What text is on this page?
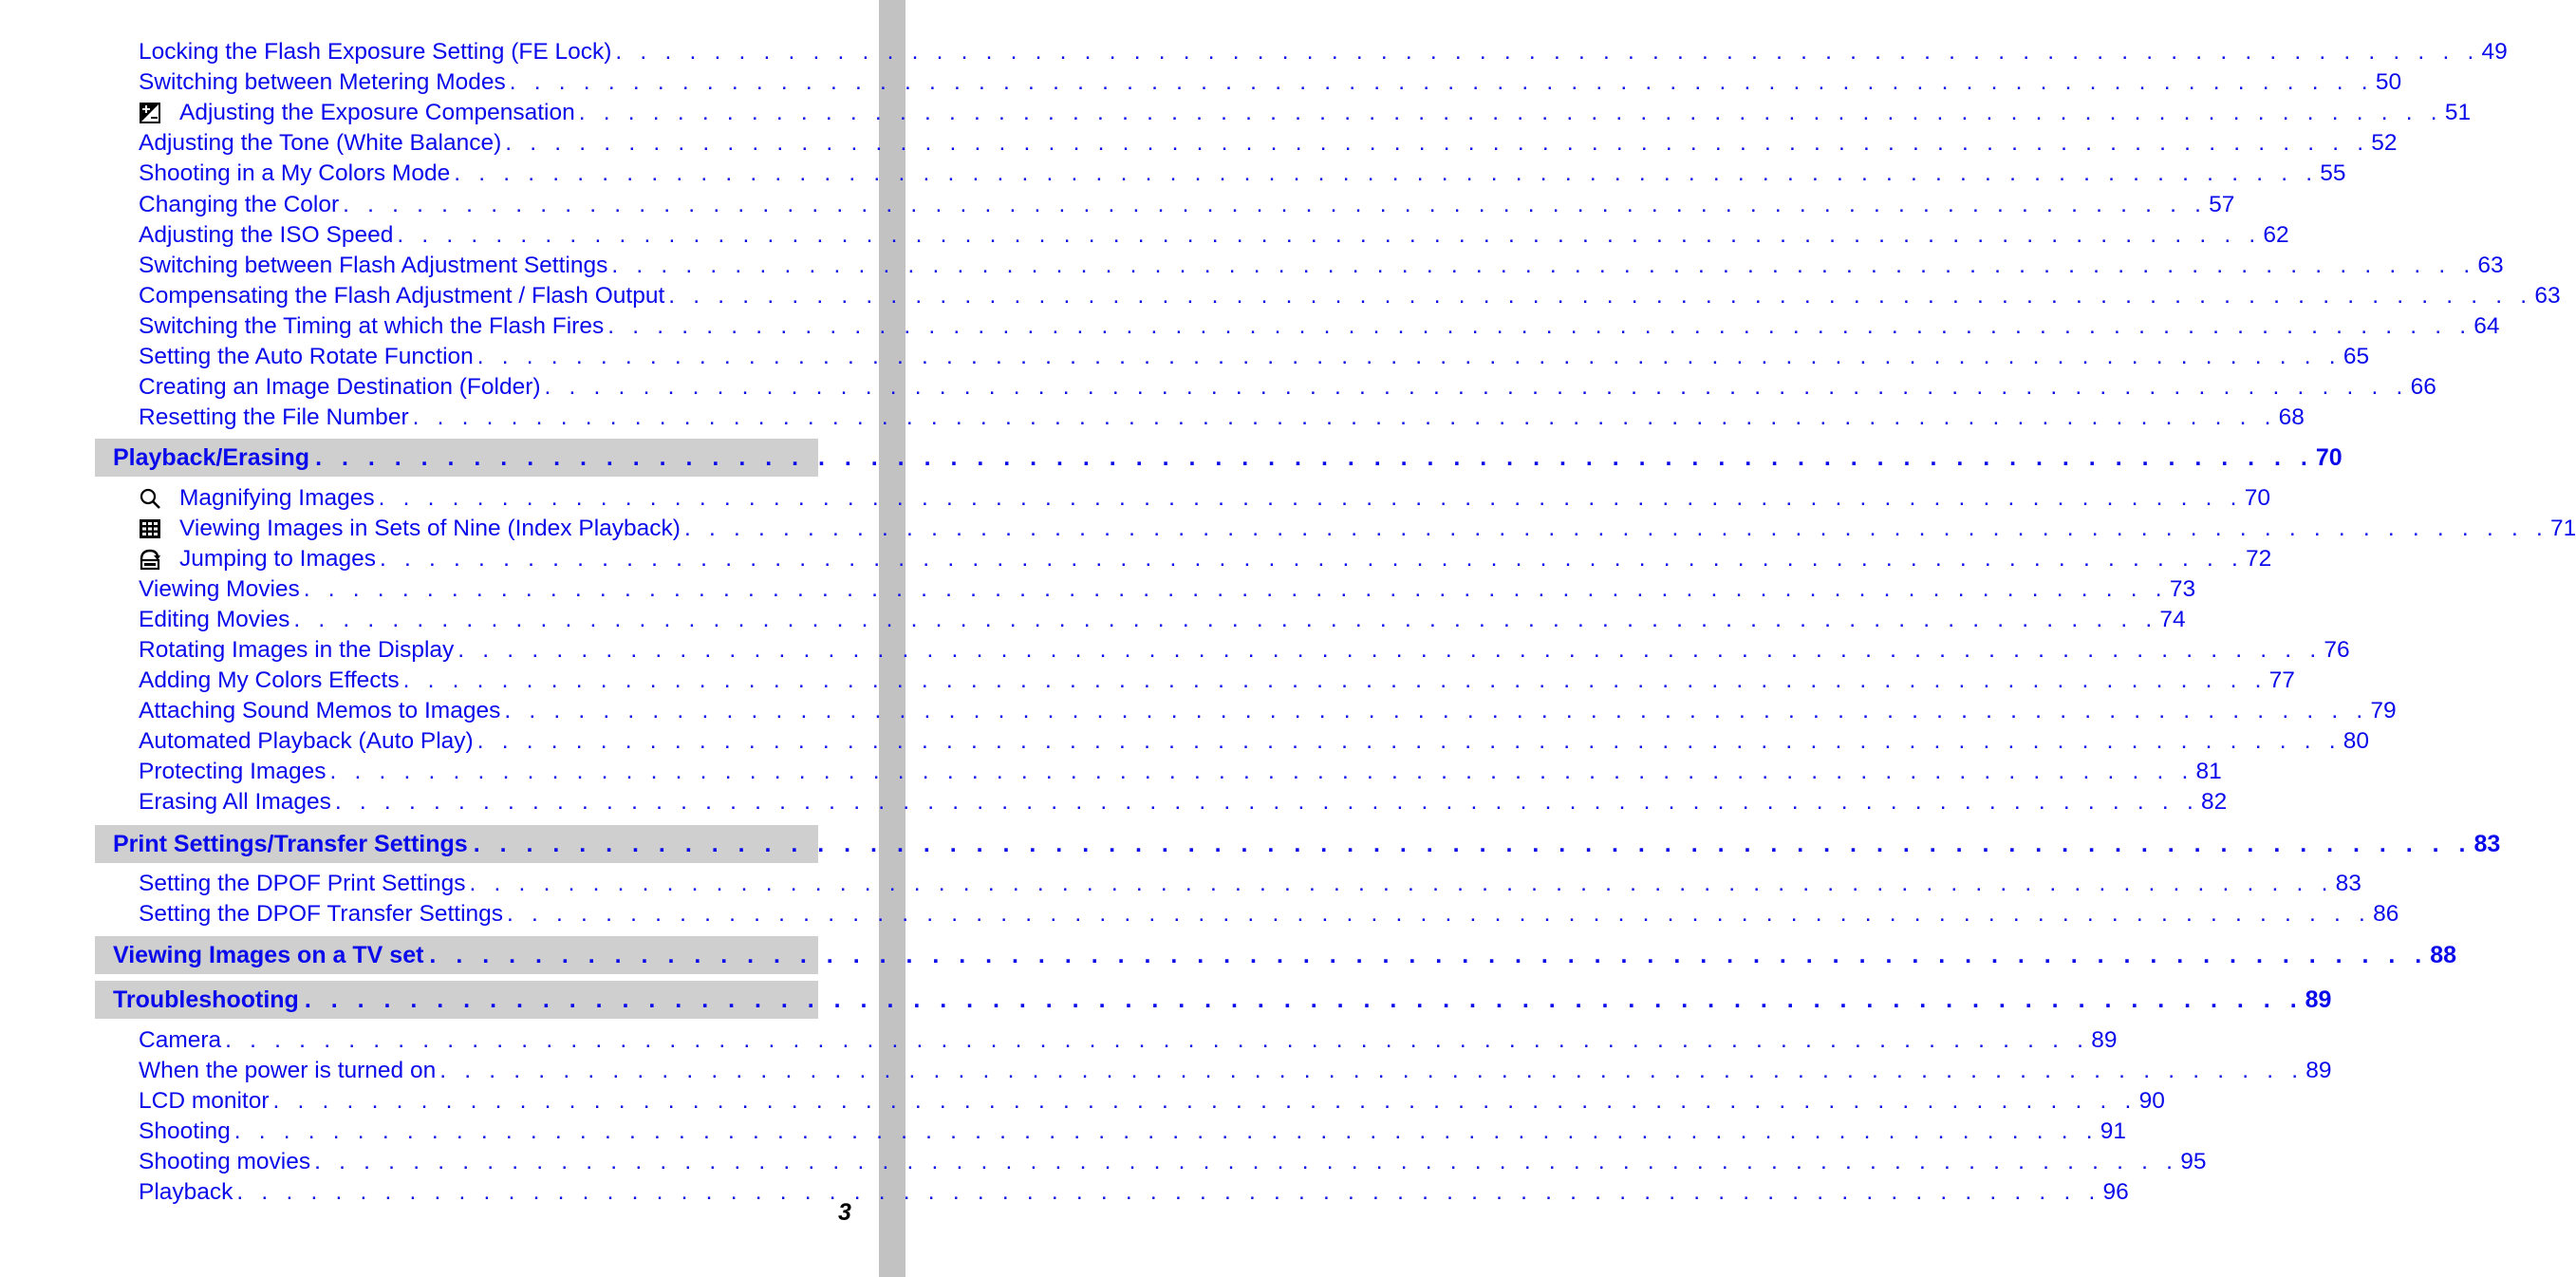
Locking the Flash Exposure Setting (FE Lock) . . . . . . . . . . . . . . . . . . . . . . . . . . . . . . . . . . . . . . . . . . . . . . . . . . . . . . . . . . . . . . . . . . . . . . . . . . . . 49
Switching between Metering Modes . . . . . . . . . . . . . . . . . . . . . . . . . . . . . . . . . . . . . . . . . . . . . . . . . . . . . . . . . . . . . . . . . . . . . . . . . . . . 50
Adjusting the Exposure Compensation . . . . . . . . . . . . . . . . . . . . . . . . . . . . . . . . . . . . . . . . . . . . . . . . . . . . . . . . . . . . . . . . . . . . . . . . . . . . 51
Adjusting the Tone (White Balance) . . . . . . . . . . . . . . . . . . . . . . . . . . . . . . . . . . . . . . . . . . . . . . . . . . . . . . . . . . . . . . . . . . . . . . . . . . . . 52
Shooting in a My Colors Mode . . . . . . . . . . . . . . . . . . . . . . . . . . . . . . . . . . . . . . . . . . . . . . . . . . . . . . . . . . . . . . . . . . . . . . . . . . . . 55
Changing the Color . . . . . . . . . . . . . . . . . . . . . . . . . . . . . . . . . . . . . . . . . . . . . . . . . . . . . . . . . . . . . . . . . . . . . . . . . . . . 57
Adjusting the ISO Speed . . . . . . . . . . . . . . . . . . . . . . . . . . . . . . . . . . . . . . . . . . . . . . . . . . . . . . . . . . . . . . . . . . . . . . . . . . . . 62
Switching between Flash Adjustment Settings . . . . . . . . . . . . . . . . . . . . . . . . . . . . . . . . . . . . . . . . . . . . . . . . . . . . . . . . . . . . . . . . . . . . . . . . . . . . 63
Compensating the Flash Adjustment / Flash Output . . . . . . . . . . . . . . . . . . . . . . . . . . . . . . . . . . . . . . . . . . . . . . . . . . . . . . . . . . . . . . . . . . . . . . . . . . . . 63
Switching the Timing at which the Flash Fires . . . . . . . . . . . . . . . . . . . . . . . . . . . . . . . . . . . . . . . . . . . . . . . . . . . . . . . . . . . . . . . . . . . . . . . . . . . . 64
Setting the Auto Rotate Function . . . . . . . . . . . . . . . . . . . . . . . . . . . . . . . . . . . . . . . . . . . . . . . . . . . . . . . . . . . . . . . . . . . . . . . . . . . . 65
Creating an Image Destination (Folder) . . . . . . . . . . . . . . . . . . . . . . . . . . . . . . . . . . . . . . . . . . . . . . . . . . . . . . . . . . . . . . . . . . . . . . . . . . . . 66
Resetting the File Number . . . . . . . . . . . . . . . . . . . . . . . . . . . . . . . . . . . . . . . . . . . . . . . . . . . . . . . . . . . . . . . . . . . . . . . . . . . . 68
Magnifying Images . . . . . . . . . . . . . . . . . . . . . . . . . . . . . . . . . . . . . . . . . . . . . . . . . . . . . . . . . . . . . . . . . . . . . . . . . . . . 70
Viewing Images in Sets of Nine (Index Playback) . . . . . . . . . . . . . . . . . . . . . . . . . . . . . . . . . . . . . . . . . . . . . . . . . . . . . . . . . . . . . . . . . . . . . . . . . . . . 71
Jumping to Images . . . . . . . . . . . . . . . . . . . . . . . . . . . . . . . . . . . . . . . . . . . . . . . . . . . . . . . . . . . . . . . . . . . . . . . . . . . . 72
Viewing Movies . . . . . . . . . . . . . . . . . . . . . . . . . . . . . . . . . . . . . . . . . . . . . . . . . . . . . . . . . . . . . . . . . . . . . . . . . . . . 73
Editing Movies . . . . . . . . . . . . . . . . . . . . . . . . . . . . . . . . . . . . . . . . . . . . . . . . . . . . . . . . . . . . . . . . . . . . . . . . . . . . 74
Rotating Images in the Display . . . . . . . . . . . . . . . . . . . . . . . . . . . . . . . . . . . . . . . . . . . . . . . . . . . . . . . . . . . . . . . . . . . . . . . . . . . . 76
Adding My Colors Effects . . . . . . . . . . . . . . . . . . . . . . . . . . . . . . . . . . . . . . . . . . . . . . . . . . . . . . . . . . . . . . . . . . . . . . . . . . . . 77
Attaching Sound Memos to Images . . . . . . . . . . . . . . . . . . . . . . . . . . . . . . . . . . . . . . . . . . . . . . . . . . . . . . . . . . . . . . . . . . . . . . . . . . . . 79
Automated Playback (Auto Play) . . . . . . . . . . . . . . . . . . . . . . . . . . . . . . . . . . . . . . . . . . . . . . . . . . . . . . . . . . . . . . . . . . . . . . . . . . . . 80
Protecting Images . . . . . . . . . . . . . . . . . . . . . . . . . . . . . . . . . . . . . . . . . . . . . . . . . . . . . . . . . . . . . . . . . . . . . . . . . . . . 81
Erasing All Images . . . . . . . . . . . . . . . . . . . . . . . . . . . . . . . . . . . . . . . . . . . . . . . . . . . . . . . . . . . . . . . . . . . . . . . . . . . . 82
Setting the DPOF Print Settings . . . . . . . . . . . . . . . . . . . . . . . . . . . . . . . . . . . . . . . . . . . . . . . . . . . . . . . . . . . . . . . . . . . . . . . . . . . . 83
Setting the DPOF Transfer Settings . . . . . . . . . . . . . . . . . . . . . . . . . . . . . . . . . . . . . . . . . . . . . . . . . . . . . . . . . . . . . . . . . . . . . . . . . . . . 86
Camera . . . . . . . . . . . . . . . . . . . . . . . . . . . . . . . . . . . . . . . . . . . . . . . . . . . . . . . . . . . . . . . . . . . . . . . . . . . . 89
When the power is turned on . . . . . . . . . . . . . . . . . . . . . . . . . . . . . . . . . . . . . . . . . . . . . . . . . . . . . . . . . . . . . . . . . . . . . . . . . . . . 89
LCD monitor . . . . . . . . . . . . . . . . . . . . . . . . . . . . . . . . . . . . . . . . . . . . . . . . . . . . . . . . . . . . . . . . . . . . . . . . . . . . 90
Shooting . . . . . . . . . . . . . . . . . . . . . . . . . . . . . . . . . . . . . . . . . . . . . . . . . . . . . . . . . . . . . . . . . . . . . . . . . . . . 91
Shooting movies . . . . . . . . . . . . . . . . . . . . . . . . . . . . . . . . . . . . . . . . . . . . . . . . . . . . . . . . . . . . . . . . . . . . . . . . . . . . 95
Playback . . . . . . . . . . . . . . . . . . . . . . . . . . . . . . . . . . . . . . . . . . . . . . . . . . . . . . . . . . . . . . . . . . . . . . . . . . . . 96
Playback/Erasing . . . . . . . . . . . . . . . . . . . . . . . . . . . . . . . . . . . . . . . . . . . . . . . . . . . . . . . . . . . . . . . . . . . . . . . . . . . . 70
Print Settings/Transfer Settings . . . . . . . . . . . . . . . . . . . . . . . . . . . . . . . . . . . . . . . . . . . . . . . . . . . . . . . . . . . . . . . . . . . . . . . . . . . . 83
Viewing Images on a TV set . . . . . . . . . . . . . . . . . . . . . . . . . . . . . . . . . . . . . . . . . . . . . . . . . . . . . . . . . . . . . . . . . . . . . . . . . . . . 88
Troubleshooting . . . . . . . . . . . . . . . . . . . . . . . . . . . . . . . . . . . . . . . . . . . . . . . . . . . . . . . . . . . . . . . . . . . . . . . . . . . . 89
3
